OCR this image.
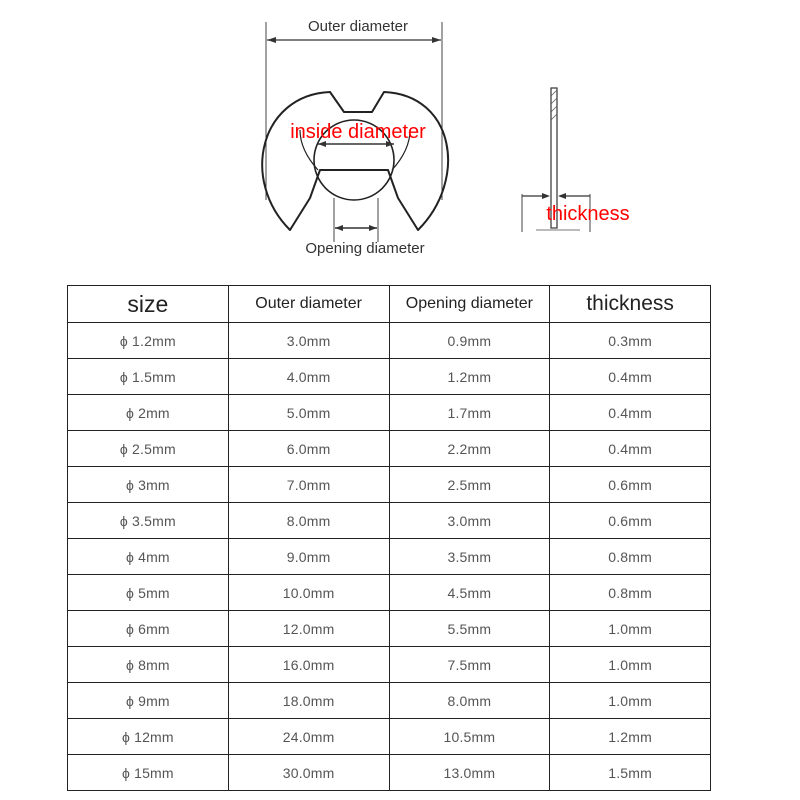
Outer diameter
inside diameter
Opening diameter
thickness
size	Outer diameter	Opening diameter	thickness
ϕ 1.2mm	3.0mm	0.9mm	0.3mm
ϕ 1.5mm	4.0mm	1.2mm	0.4mm
ϕ 2mm	5.0mm	1.7mm	0.4mm
ϕ 2.5mm	6.0mm	2.2mm	0.4mm
ϕ 3mm	7.0mm	2.5mm	0.6mm
ϕ 3.5mm	8.0mm	3.0mm	0.6mm
ϕ 4mm	9.0mm	3.5mm	0.8mm
ϕ 5mm	10.0mm	4.5mm	0.8mm
ϕ 6mm	12.0mm	5.5mm	1.0mm
ϕ 8mm	16.0mm	7.5mm	1.0mm
ϕ 9mm	18.0mm	8.0mm	1.0mm
ϕ 12mm	24.0mm	10.5mm	1.2mm
ϕ 15mm	30.0mm	13.0mm	1.5mm
